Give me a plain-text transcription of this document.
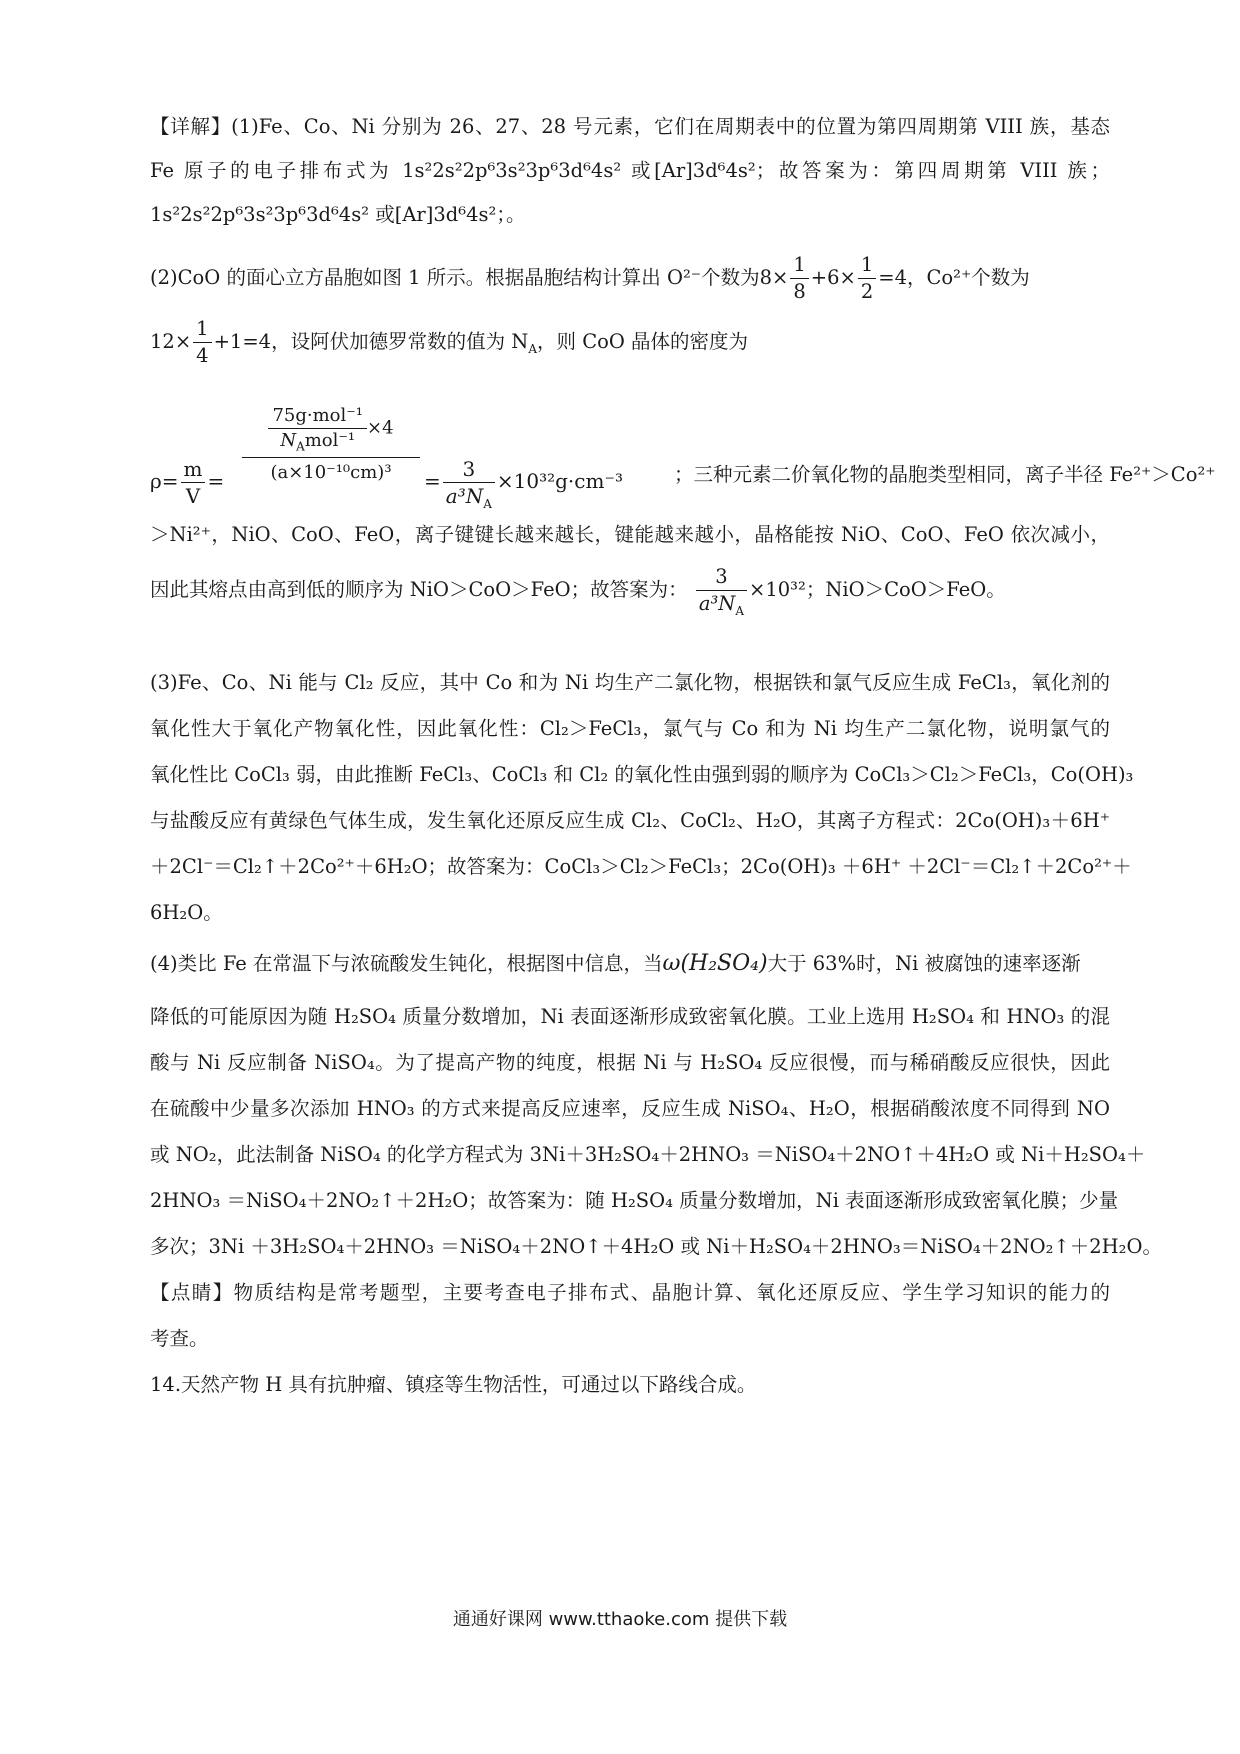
【详解】(1)Fe、Co、Ni 分别为 26、27、28 号元素，它们在周期表中的位置为第四周期第 VIII 族，基态
Fe 原子的电子排布式为 1s²2s²2p⁶3s²3p⁶3d⁶4s² 或[Ar]3d⁶4s²；故答案为：第四周期第 VIII 族；
1s²2s²2p⁶3s²3p⁶3d⁶4s² 或[Ar]3d⁶4s²；。
(2)CoO 的面心立方晶胞如图 1 所示。根据晶胞结构计算出 O²⁻个数为$8\times \frac{1}{8} +6\times \frac{1}{2} =4$，Co²⁺个数为
$12\times \frac{1}{4} +1=4$，设阿伏加德罗常数的值为 $N_A$，则 CoO 晶体的密度为
$\rho= \frac{m}{V}$ =
75g·mol⁻¹
$N_Amol^{-1}$
×4
(a×10⁻¹⁰cm)³	= $\frac{3}{a^3N_A} \times 10^{32}g\cdot cm^{-3}$	；三种元素二价氧化物的晶胞类型相同，离子半径 Fe²⁺＞Co²⁺
＞Ni²⁺，NiO、CoO、FeO，离子键键长越来越长，键能越来越小，晶格能按 NiO、CoO、FeO 依次减小，
因此其熔点由高到低的顺序为 NiO＞CoO＞FeO；故答案为： $\frac{3}{a^3N_A} \times 10^{32}$；NiO＞CoO＞FeO。
(3)Fe、Co、Ni 能与 Cl₂ 反应，其中 Co 和为 Ni 均生产二氯化物，根据铁和氯气反应生成 FeCl₃，氧化剂的
氧化性大于氧化产物氧化性，因此氧化性：Cl₂＞FeCl₃，氯气与 Co 和为 Ni 均生产二氯化物，说明氯气的
氧化性比 CoCl₃ 弱，由此推断 FeCl₃、CoCl₃ 和 Cl₂ 的氧化性由强到弱的顺序为 CoCl₃＞Cl₂＞FeCl₃，Co(OH)₃
与盐酸反应有黄绿色气体生成，发生氧化还原反应生成 Cl₂、CoCl₂、H₂O，其离子方程式：2Co(OH)₃＋6H⁺
＋2Cl⁻＝Cl₂↑＋2Co²⁺＋6H₂O；故答案为：CoCl₃＞Cl₂＞FeCl₃；2Co(OH)₃ ＋6H⁺ ＋2Cl⁻＝Cl₂↑＋2Co²⁺＋
6H₂O。
(4)类比 Fe 在常温下与浓硫酸发生钝化，根据图中信息，当ω(H₂SO₄)大于 63%时，Ni 被腐蚀的速率逐渐
降低的可能原因为随 H₂SO₄ 质量分数增加，Ni 表面逐渐形成致密氧化膜。工业上选用 H₂SO₄ 和 HNO₃ 的混
酸与 Ni 反应制备 NiSO₄。为了提高产物的纯度，根据 Ni 与 H₂SO₄ 反应很慢，而与稀硝酸反应很快，因此
在硫酸中少量多次添加 HNO₃ 的方式来提高反应速率，反应生成 NiSO₄、H₂O，根据硝酸浓度不同得到 NO
或 NO₂，此法制备 NiSO₄ 的化学方程式为 3Ni＋3H₂SO₄＋2HNO₃ ＝NiSO₄＋2NO↑＋4H₂O 或 Ni＋H₂SO₄＋
2HNO₃ ＝NiSO₄＋2NO₂↑＋2H₂O；故答案为：随 H₂SO₄ 质量分数增加，Ni 表面逐渐形成致密氧化膜；少量
多次；3Ni ＋3H₂SO₄＋2HNO₃ ＝NiSO₄＋2NO↑＋4H₂O 或 Ni＋H₂SO₄＋2HNO₃＝NiSO₄＋2NO₂↑＋2H₂O。
【点睛】物质结构是常考题型，主要考查电子排布式、晶胞计算、氧化还原反应、学生学习知识的能力的
考查。
14.天然产物 H 具有抗肿瘤、镇痉等生物活性，可通过以下路线合成。
通通好课网 www.tthaoke.com 提供下载
